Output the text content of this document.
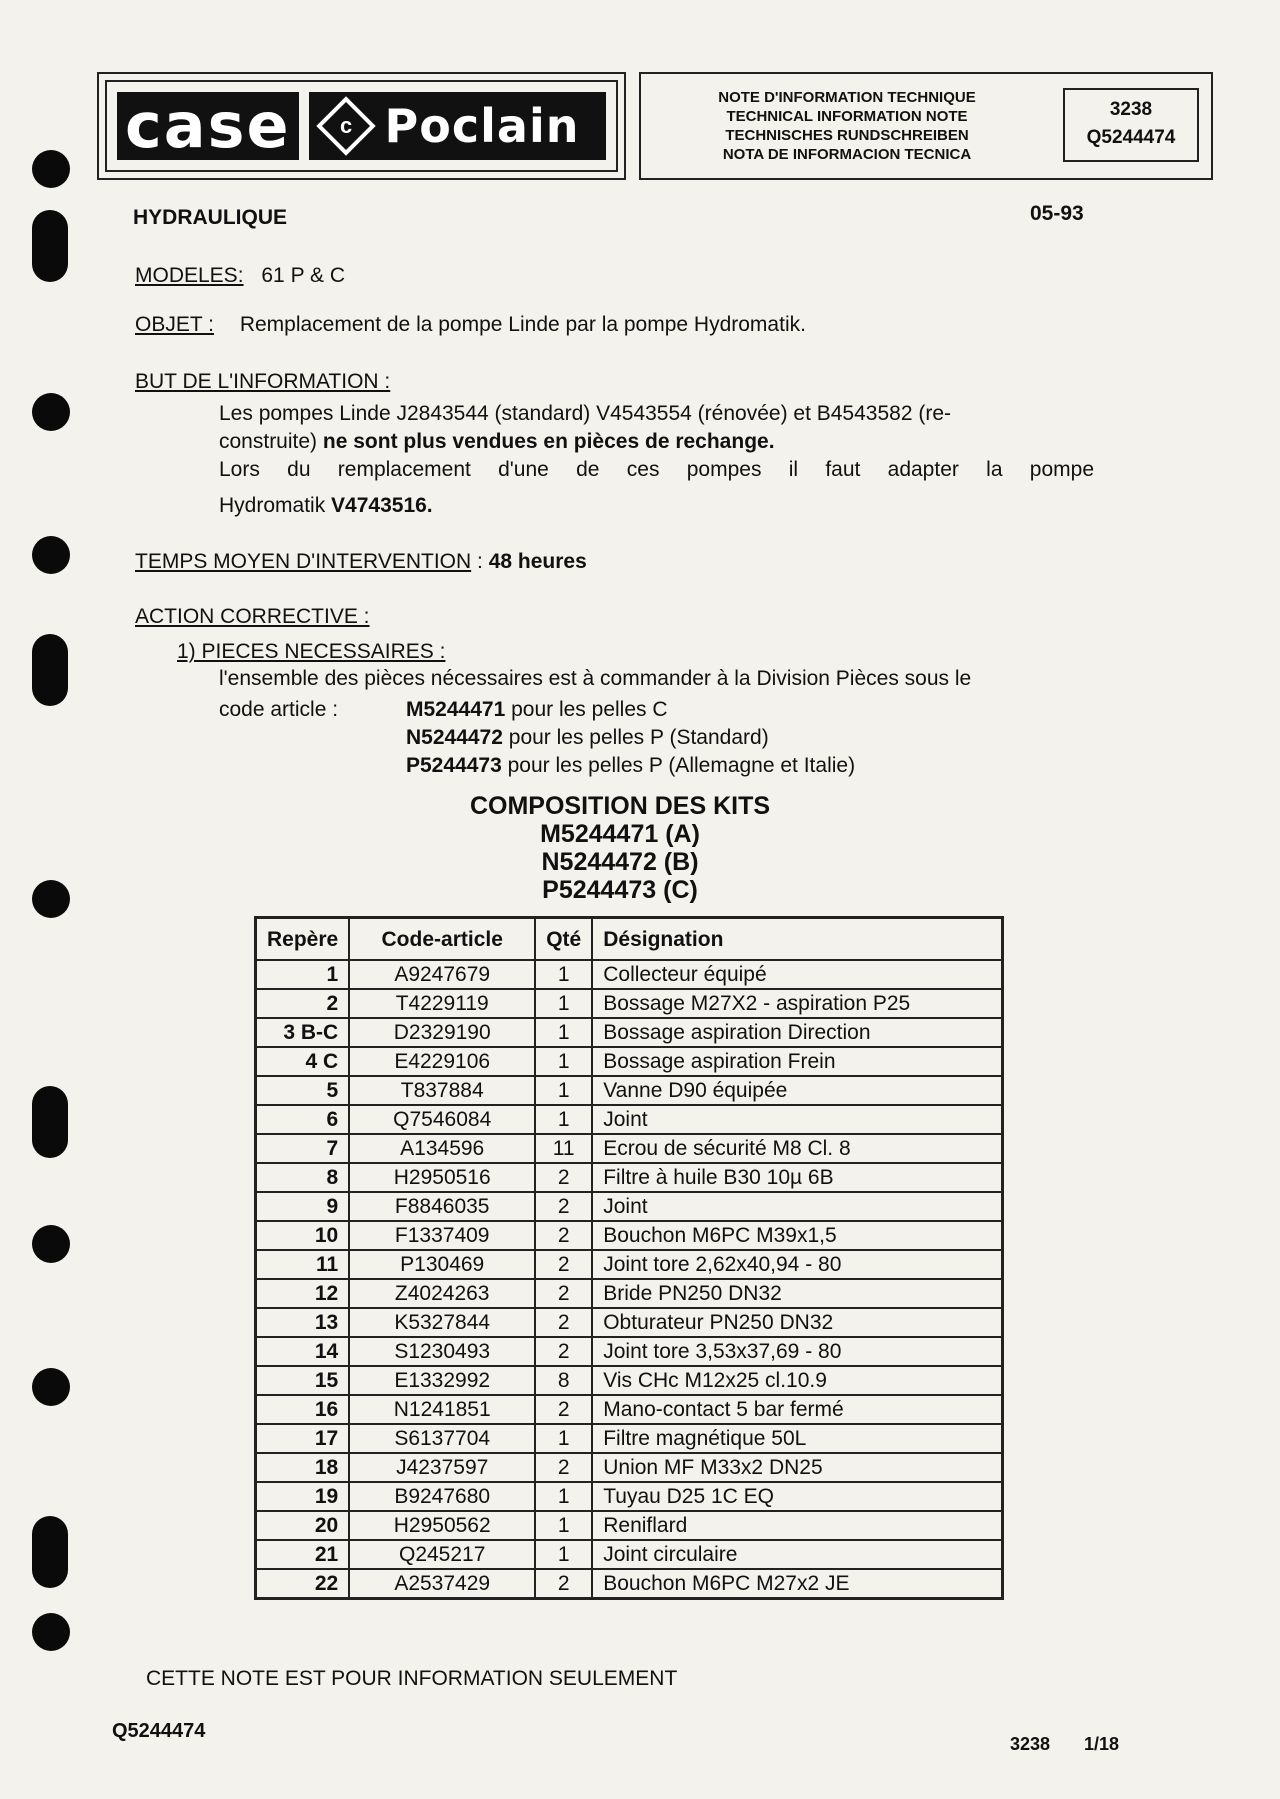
case	c Poclain
NOTE D'INFORMATION TECHNIQUE
TECHNICAL INFORMATION NOTE
TECHNISCHES RUNDSCHREIBEN
NOTA DE INFORMACION TECNICA
3238
Q5244474
HYDRAULIQUE	05-93
MODELES: 61 P & C
OBJET : Remplacement de la pompe Linde par la pompe Hydromatik.
BUT DE L'INFORMATION :
Les pompes Linde J2843544 (standard) V4543554 (rénovée) et B4543582 (re-
construite) ne sont plus vendues en pièces de rechange.
Lors du remplacement d'une de ces pompes il faut adapter la pompe
Hydromatik V4743516.
TEMPS MOYEN D'INTERVENTION : 48 heures
ACTION CORRECTIVE :
1) PIECES NECESSAIRES :
l'ensemble des pièces nécessaires est à commander à la Division Pièces sous le
code article :	M5244471 pour les pelles C
N5244472 pour les pelles P (Standard)
P5244473 pour les pelles P (Allemagne et Italie)
COMPOSITION DES KITS
M5244471 (A)
N5244472 (B)
P5244473 (C)
Repère	Code-article	Qté	Désignation
1	A9247679	1	Collecteur équipé
2	T4229119	1	Bossage M27X2 - aspiration P25
3 B-C	D2329190	1	Bossage aspiration Direction
4 C	E4229106	1	Bossage aspiration Frein
5	T837884	1	Vanne D90 équipée
6	Q7546084	1	Joint
7	A134596	11	Ecrou de sécurité M8 Cl. 8
8	H2950516	2	Filtre à huile B30 10µ 6B
9	F8846035	2	Joint
10	F1337409	2	Bouchon M6PC M39x1,5
11	P130469	2	Joint tore 2,62x40,94 - 80
12	Z4024263	2	Bride PN250 DN32
13	K5327844	2	Obturateur PN250 DN32
14	S1230493	2	Joint tore 3,53x37,69 - 80
15	E1332992	8	Vis CHc M12x25 cl.10.9
16	N1241851	2	Mano-contact 5 bar fermé
17	S6137704	1	Filtre magnétique 50L
18	J4237597	2	Union MF M33x2 DN25
19	B9247680	1	Tuyau D25 1C EQ
20	H2950562	1	Reniflard
21	Q245217	1	Joint circulaire
22	A2537429	2	Bouchon M6PC M27x2 JE
CETTE NOTE EST POUR INFORMATION SEULEMENT
Q5244474
3238 1/18
